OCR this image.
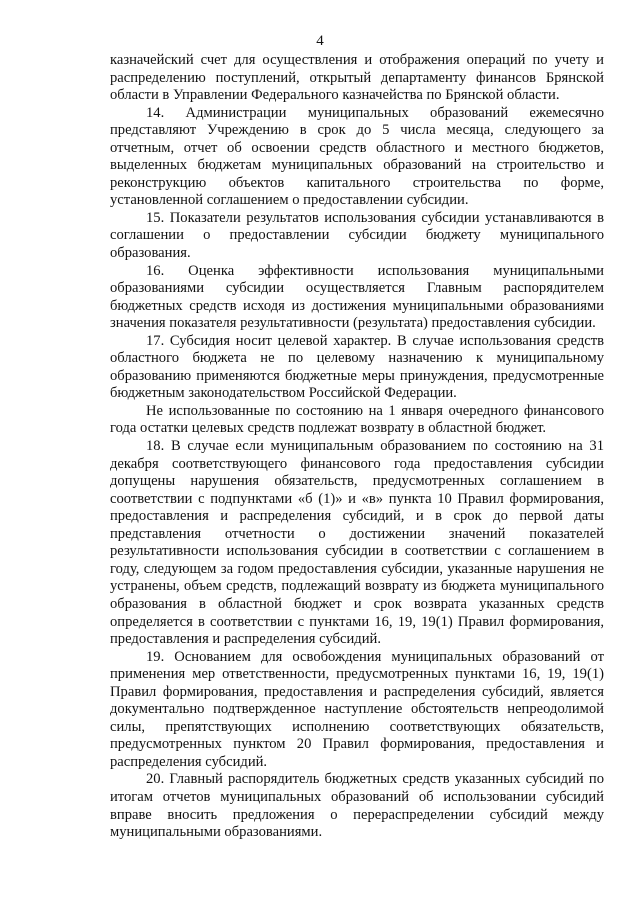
4
казначейский счет для осуществления и отображения операций по учету и
распределению поступлений, открытый департаменту финансов Брянской
области в Управлении Федерального казначейства по Брянской области.
14. Администрации муниципальных образований ежемесячно
представляют Учреждению в срок до 5 числа месяца, следующего за
отчетным, отчет об освоении средств областного и местного бюджетов,
выделенных бюджетам муниципальных образований на строительство и
реконструкцию объектов капитального строительства по форме,
установленной соглашением о предоставлении субсидии.
15. Показатели результатов использования субсидии устанавливаются в
соглашении о предоставлении субсидии бюджету муниципального
образования.
16. Оценка эффективности использования муниципальными
образованиями субсидии осуществляется Главным распорядителем
бюджетных средств исходя из достижения муниципальными образованиями
значения показателя результативности (результата) предоставления субсидии.
17. Субсидия носит целевой характер. В случае использования средств
областного бюджета не по целевому назначению к муниципальному
образованию применяются бюджетные меры принуждения, предусмотренные
бюджетным законодательством Российской Федерации.
Не использованные по состоянию на 1 января очередного финансового
года остатки целевых средств подлежат возврату в областной бюджет.
18. В случае если муниципальным образованием по состоянию на 31
декабря соответствующего финансового года предоставления субсидии
допущены нарушения обязательств, предусмотренных соглашением в
соответствии с подпунктами «б (1)» и «в» пункта 10 Правил формирования,
предоставления и распределения субсидий, и в срок до первой даты
представления отчетности о достижении значений показателей
результативности использования субсидии в соответствии с соглашением в
году, следующем за годом предоставления субсидии, указанные нарушения не
устранены, объем средств, подлежащий возврату из бюджета муниципального
образования в областной бюджет и срок возврата указанных средств
определяется в соответствии с пунктами 16, 19, 19(1) Правил формирования,
предоставления и распределения субсидий.
19. Основанием для освобождения муниципальных образований от
применения мер ответственности, предусмотренных пунктами 16, 19, 19(1)
Правил формирования, предоставления и распределения субсидий, является
документально подтвержденное наступление обстоятельств непреодолимой
силы, препятствующих исполнению соответствующих обязательств,
предусмотренных пунктом 20 Правил формирования, предоставления и
распределения субсидий.
20. Главный распорядитель бюджетных средств указанных субсидий по
итогам отчетов муниципальных образований об использовании субсидий
вправе вносить предложения о перераспределении субсидий между
муниципальными образованиями.
